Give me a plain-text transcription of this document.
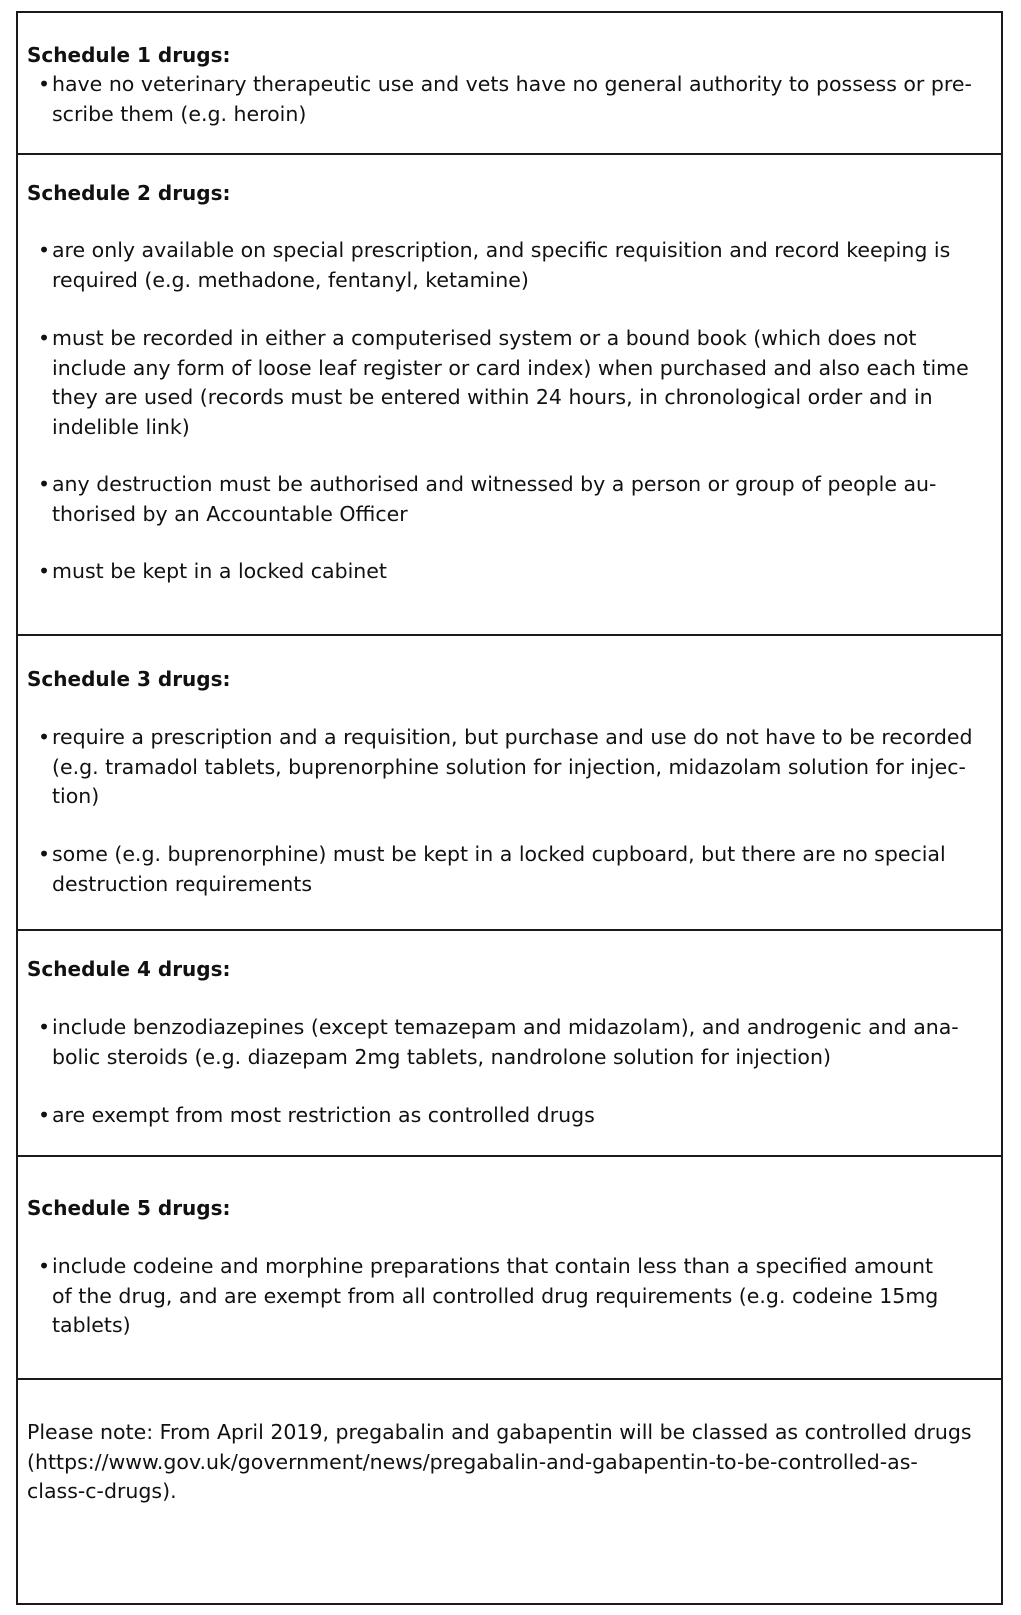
Schedule 1 drugs:
• have no veterinary therapeutic use and vets have no general authority to possess or pre-
scribe them (e.g. heroin)
Schedule 2 drugs:
• are only available on special prescription, and specific requisition and record keeping is
required (e.g. methadone, fentanyl, ketamine)
• must be recorded in either a computerised system or a bound book (which does not
include any form of loose leaf register or card index) when purchased and also each time
they are used (records must be entered within 24 hours, in chronological order and in
indelible link)
• any destruction must be authorised and witnessed by a person or group of people au-
thorised by an Accountable Officer
• must be kept in a locked cabinet
Schedule 3 drugs:
• require a prescription and a requisition, but purchase and use do not have to be recorded
(e.g. tramadol tablets, buprenorphine solution for injection, midazolam solution for injec-
tion)
• some (e.g. buprenorphine) must be kept in a locked cupboard, but there are no special
destruction requirements
Schedule 4 drugs:
• include benzodiazepines (except temazepam and midazolam), and androgenic and ana-
bolic steroids (e.g. diazepam 2mg tablets, nandrolone solution for injection)
• are exempt from most restriction as controlled drugs
Schedule 5 drugs:
• include codeine and morphine preparations that contain less than a specified amount
of the drug, and are exempt from all controlled drug requirements (e.g. codeine 15mg
tablets)
Please note: From April 2019, pregabalin and gabapentin will be classed as controlled drugs
(https://www.gov.uk/government/news/pregabalin-and-gabapentin-to-be-controlled-as-
class-c-drugs).
